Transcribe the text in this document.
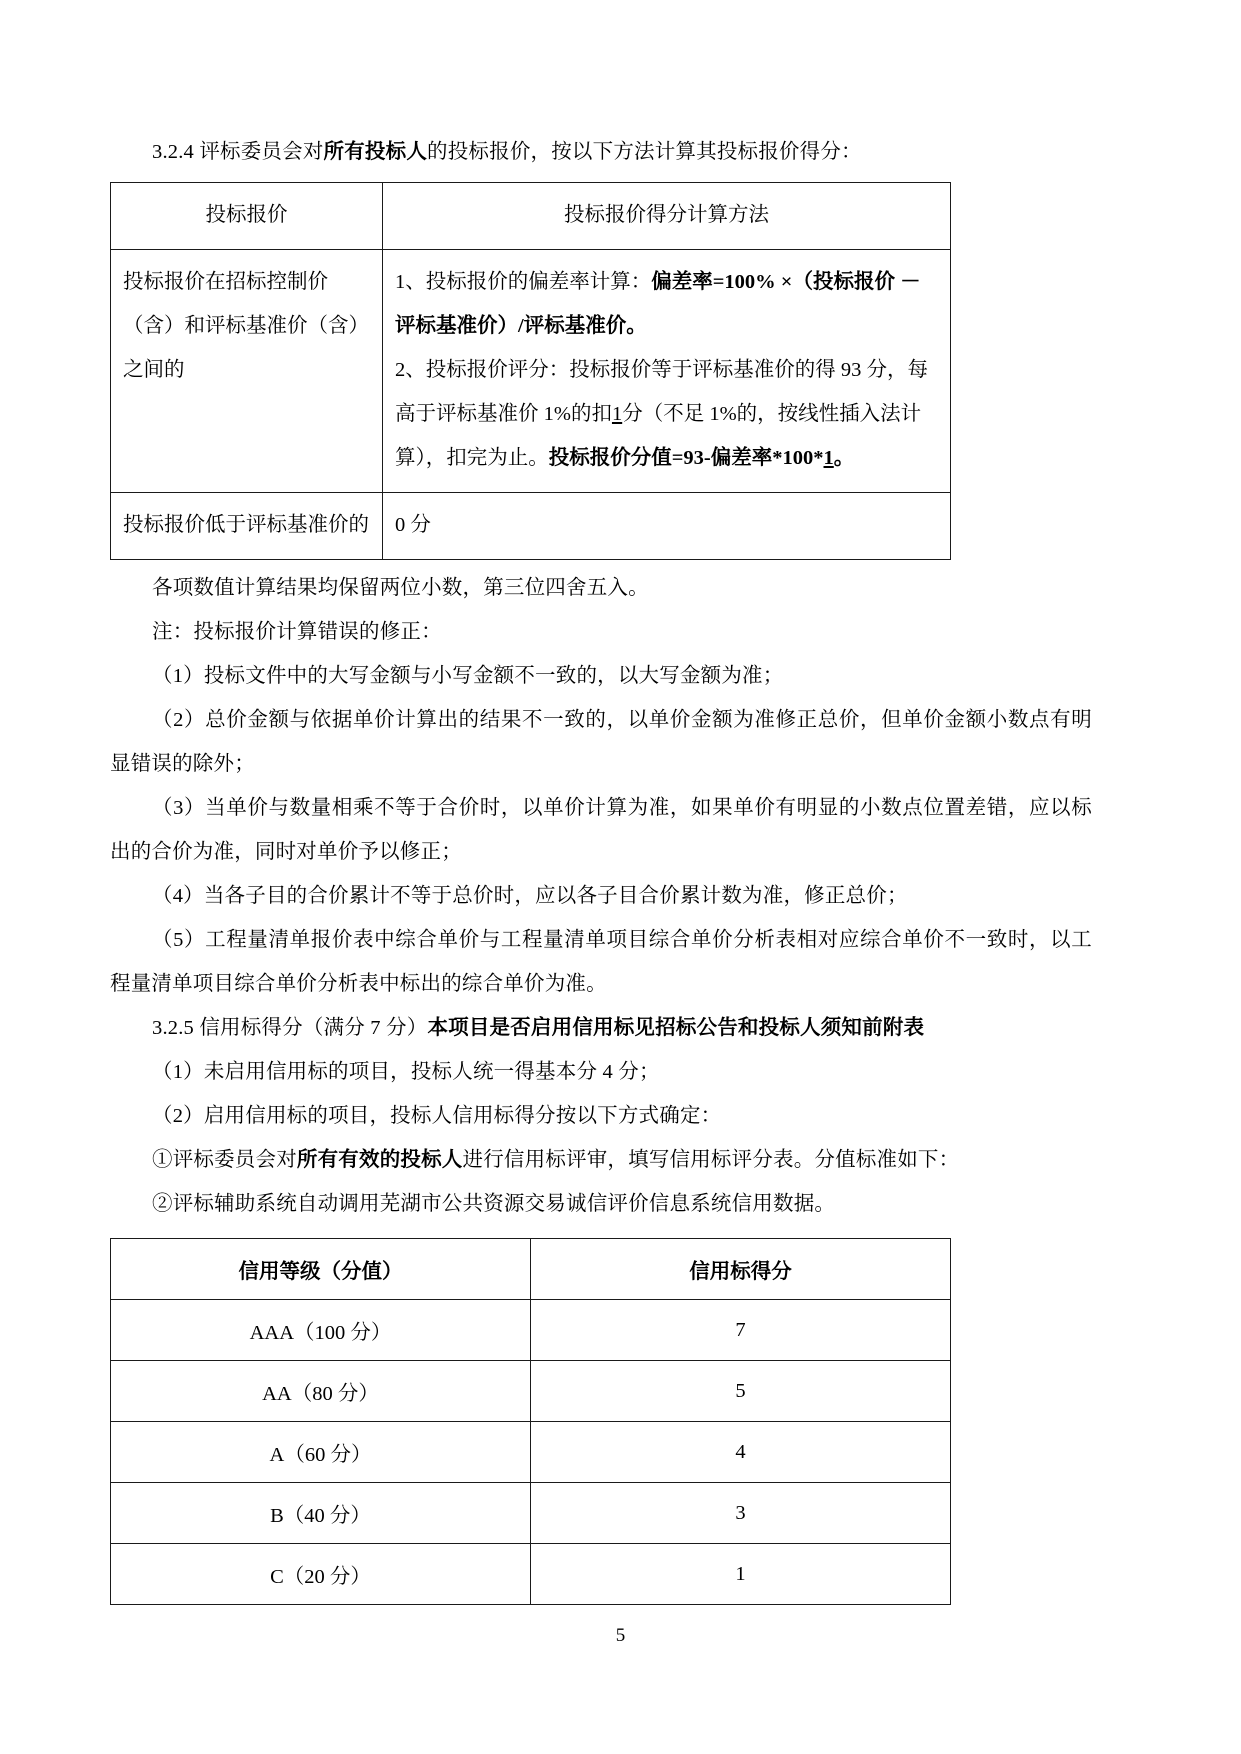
3.2.4 评标委员会对所有投标人的投标报价，按以下方法计算其投标报价得分：

投标报价	投标报价得分计算方法
投标报价在招标控制价（含）和评标基准价（含）之间的	1、投标报价的偏差率计算：偏差率=100% ×（投标报价 － 评标基准价）/评标基准价。
2、投标报价评分：投标报价等于评标基准价的得 93 分，每高于评标基准价 1%的扣1分（不足 1%的，按线性插入法计算），扣完为止。投标报价分值=93-偏差率*100*1。

投标报价低于评标基准价的	0 分

各项数值计算结果均保留两位小数，第三位四舍五入。

注：投标报价计算错误的修正：

（1）投标文件中的大写金额与小写金额不一致的，以大写金额为准；

（2）总价金额与依据单价计算出的结果不一致的，以单价金额为准修正总价，但单价金额小数点有明显错误的除外；

（3）当单价与数量相乘不等于合价时，以单价计算为准，如果单价有明显的小数点位置差错，应以标出的合价为准，同时对单价予以修正；

（4）当各子目的合价累计不等于总价时，应以各子目合价累计数为准，修正总价；

（5）工程量清单报价表中综合单价与工程量清单项目综合单价分析表相对应综合单价不一致时，以工程量清单项目综合单价分析表中标出的综合单价为准。

3.2.5 信用标得分（满分 7 分）本项目是否启用信用标见招标公告和投标人须知前附表

（1）未启用信用标的项目，投标人统一得基本分 4 分；

（2）启用信用标的项目，投标人信用标得分按以下方式确定：

①评标委员会对所有有效的投标人进行信用标评审，填写信用标评分表。分值标准如下：

②评标辅助系统自动调用芜湖市公共资源交易诚信评价信息系统信用数据。

信用等级（分值）	信用标得分
AAA（100 分）	7
AA（80 分）	5
A（60 分）	4
B（40 分）	3
C（20 分）	1
5
